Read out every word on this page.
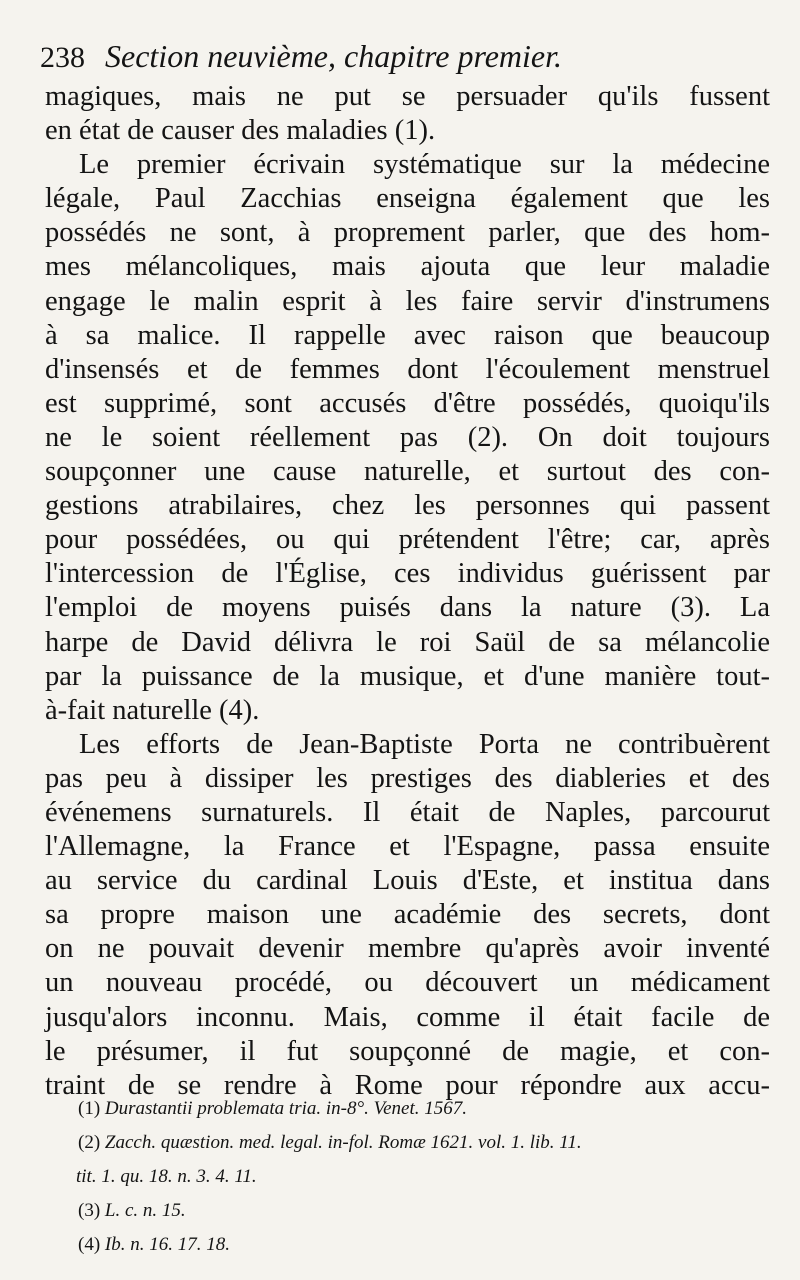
238 Section neuvième, chapitre premier.
magiques, mais ne put se persuader qu'ils fussent
en état de causer des maladies (1).
Le premier écrivain systématique sur la médecine
légale, Paul Zacchias enseigna également que les
possédés ne sont, à proprement parler, que des hom-
mes mélancoliques, mais ajouta que leur maladie
engage le malin esprit à les faire servir d'instrumens
à sa malice. Il rappelle avec raison que beaucoup
d'insensés et de femmes dont l'écoulement menstruel
est supprimé, sont accusés d'être possédés, quoiqu'ils
ne le soient réellement pas (2). On doit toujours
soupçonner une cause naturelle, et surtout des con-
gestions atrabilaires, chez les personnes qui passent
pour possédées, ou qui prétendent l'être; car, après
l'intercession de l'Église, ces individus guérissent par
l'emploi de moyens puisés dans la nature (3). La
harpe de David délivra le roi Saül de sa mélancolie
par la puissance de la musique, et d'une manière tout-
à-fait naturelle (4).
Les efforts de Jean-Baptiste Porta ne contribuèrent
pas peu à dissiper les prestiges des diableries et des
événemens surnaturels. Il était de Naples, parcourut
l'Allemagne, la France et l'Espagne, passa ensuite
au service du cardinal Louis d'Este, et institua dans
sa propre maison une académie des secrets, dont
on ne pouvait devenir membre qu'après avoir inventé
un nouveau procédé, ou découvert un médicament
jusqu'alors inconnu. Mais, comme il était facile de
le présumer, il fut soupçonné de magie, et con-
traint de se rendre à Rome pour répondre aux accu-
(1) Durastantii problemata tria. in-8°. Venet. 1567.
(2) Zacch. quæstion. med. legal. in-fol. Romæ 1621. vol. 1. lib. 11.
tit. 1. qu. 18. n. 3. 4. 11.
(3) L. c. n. 15.
(4) Ib. n. 16. 17. 18.
